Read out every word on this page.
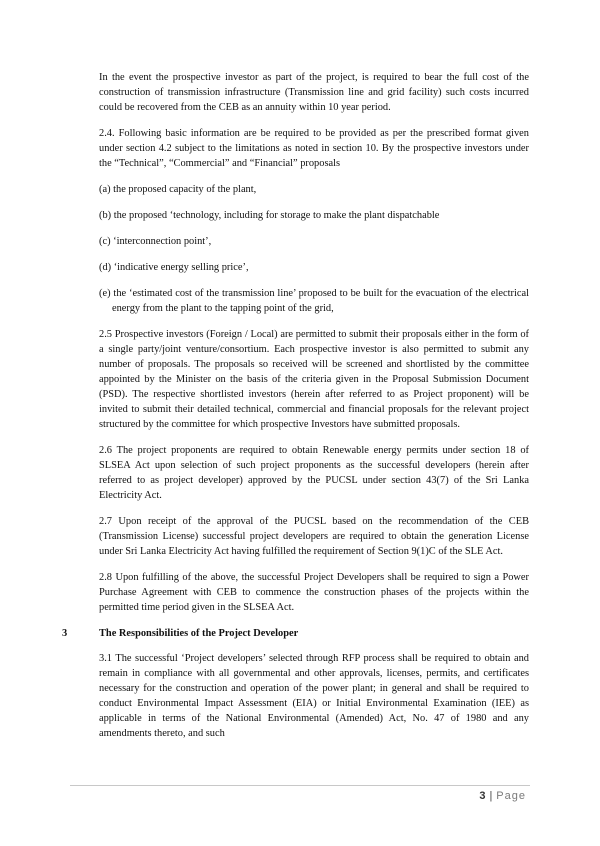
In the event the prospective investor as part of the project, is required to bear the full cost of the construction of transmission infrastructure (Transmission line and grid facility) such costs incurred could be recovered from the CEB as an annuity within 10 year period.

2.4. Following basic information are be required to be provided as per the prescribed format given under section 4.2 subject to the limitations as noted in section 10. By the prospective investors under the “Technical”, “Commercial” and “Financial” proposals

(a) the proposed capacity of the plant,

(b) the proposed ‘technology, including for storage to make the plant dispatchable

(c) ‘interconnection point’,

(d) ‘indicative energy selling price’,

(e) the ‘estimated cost of the transmission line’ proposed to be built for the evacuation of the electrical energy from the plant to the tapping point of the grid,

2.5 Prospective investors (Foreign / Local) are permitted to submit their proposals either in the form of a single party/joint venture/consortium. Each prospective investor is also permitted to submit any number of proposals. The proposals so received will be screened and shortlisted by the committee appointed by the Minister on the basis of the criteria given in the Proposal Submission Document (PSD). The respective shortlisted investors (herein after referred to as Project proponent) will be invited to submit their detailed technical, commercial and financial proposals for the relevant project structured by the committee for which prospective Investors have submitted proposals.

2.6 The project proponents are required to obtain Renewable energy permits under section 18 of SLSEA Act upon selection of such project proponents as the successful developers (herein after referred to as project developer) approved by the PUCSL under section 43(7) of the Sri Lanka Electricity Act.

2.7 Upon receipt of the approval of the PUCSL based on the recommendation of the CEB (Transmission License) successful project developers are required to obtain the generation License under Sri Lanka Electricity Act having fulfilled the requirement of Section 9(1)C of the SLE Act.

2.8 Upon fulfilling of the above, the successful Project Developers shall be required to sign a Power Purchase Agreement with CEB to commence the construction phases of the projects within the permitted time period given in the SLSEA Act.

3	The Responsibilities of the Project Developer

3.1 The successful ‘Project developers’ selected through RFP process shall be required to obtain and remain in compliance with all governmental and other approvals, licenses, permits, and certificates necessary for the construction and operation of the power plant; in general and shall be required to conduct Environmental Impact Assessment (EIA) or Initial Environmental Examination (IEE) as applicable in terms of the National Environmental (Amended) Act, No. 47 of 1980 and any amendments thereto, and such

3 | Page
